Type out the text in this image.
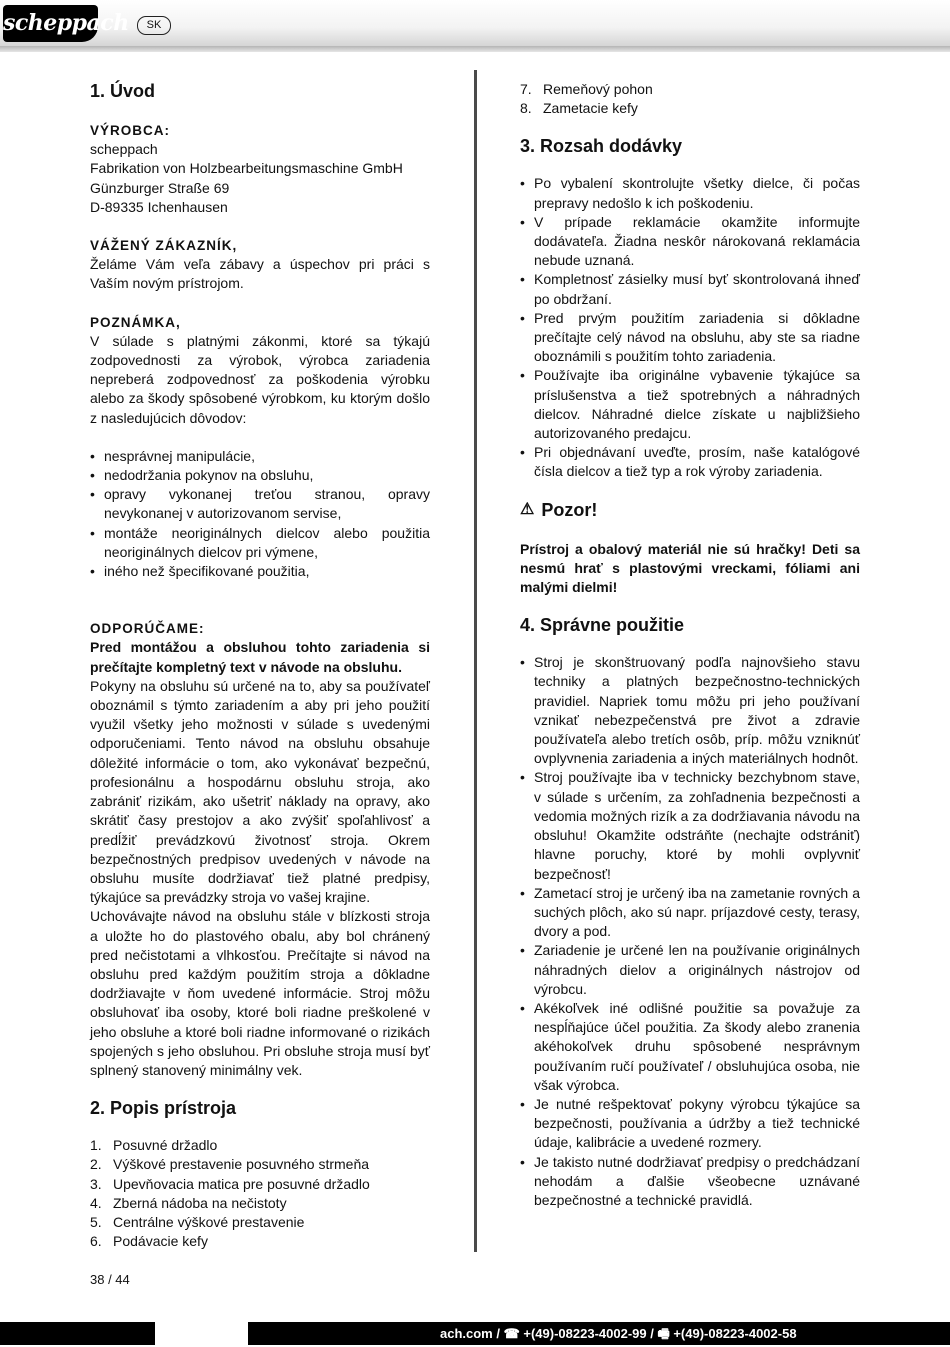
scheppach	SK
1. Úvod
VÝROBCA:
scheppach
Fabrikation von Holzbearbeitungsmaschine GmbH
Günzburger Straße 69
D-89335 Ichenhausen
VÁŽENÝ ZÁKAZNÍK,

Želáme Vám veľa zábavy a úspechov pri práci s Vaším novým prístrojom.

POZNÁMKA,

V súlade s platnými zákonmi, ktoré sa týkajú zodpovednosti za výrobok, výrobca zariadenia nepreberá zodpovednosť za poškodenia výrobku alebo za škody spôsobené výrobkom, ku ktorým došlo z nasledujúcich dôvodov:

• nesprávnej manipulácie,
• nedodržania pokynov na obsluhu,
• opravy vykonanej treťou stranou, opravy nevykonanej v autorizovanom servise,
• montáže neoriginálnych dielcov alebo použitia neoriginálnych dielcov pri výmene,
• iného než špecifikované použitia,
ODPORÚČAME:

Pred montážou a obsluhou tohto zariadenia si prečítajte kompletný text v návode na obsluhu.

Pokyny na obsluhu sú určené na to, aby sa používateľ oboznámil s týmto zariadením a aby pri jeho použití využil všetky jeho možnosti v súlade s uvedenými odporučeniami. Tento návod na obsluhu obsahuje dôležité informácie o tom, ako vykonávať bezpečnú, profesionálnu a hospodárnu obsluhu stroja, ako zabrániť rizikám, ako ušetriť náklady na opravy, ako skrátiť časy prestojov a ako zvýšiť spoľahlivosť a predĺžiť prevádzkovú životnosť stroja. Okrem bezpečnostných predpisov uvedených v návode na obsluhu musíte dodržiavať tiež platné predpisy, týkajúce sa prevádzky stroja vo vašej krajine.

Uchovávajte návod na obsluhu stále v blízkosti stroja a uložte ho do plastového obalu, aby bol chránený pred nečistotami a vlhkosťou. Prečítajte si návod na obsluhu pred každým použitím stroja a dôkladne dodržiavajte v ňom uvedené informácie. Stroj môžu obsluhovať iba osoby, ktoré boli riadne preškolené v jeho obsluhe a ktoré boli riadne informované o rizikách spojených s jeho obsluhou. Pri obsluhe stroja musí byť splnený stanovený minimálny vek.

2. Popis prístroja
1. Posuvné držadlo
2. Výškové prestavenie posuvného strmeňa
3. Upevňovacia matica pre posuvné držadlo
4. Zberná nádoba na nečistoty
5. Centrálne výškové prestavenie
6. Podávacie kefy
7. Remeňový pohon
8. Zametacie kefy
3. Rozsah dodávky
• Po vybalení skontrolujte všetky dielce, či počas prepravy nedošlo k ich poškodeniu.
• V prípade reklamácie okamžite informujte dodávateľa. Žiadna neskôr nárokovaná reklamácia nebude uznaná.
• Kompletnosť zásielky musí byť skontrolovaná ihneď po obdržaní.
• Pred prvým použitím zariadenia si dôkladne prečítajte celý návod na obsluhu, aby ste sa riadne oboznámili s použitím tohto zariadenia.
• Používajte iba originálne vybavenie týkajúce sa príslušenstva a tiež spotrebných a náhradných dielcov. Náhradné dielce získate u najbližšieho autorizovaného predajcu.
• Pri objednávaní uveďte, prosím, naše katalógové čísla dielcov a tiež typ a rok výroby zariadenia.
⚠ Pozor!

Prístroj a obalový materiál nie sú hračky! Deti sa nesmú hrať s plastovými vreckami, fóliami ani malými dielmi!

4. Správne použitie
• Stroj je skonštruovaný podľa najnovšieho stavu techniky a platných bezpečnostno-technických pravidiel. Napriek tomu môžu pri jeho používaní vznikať nebezpečenstvá pre život a zdravie používateľa alebo tretích osôb, príp. môžu vzniknúť ovplyvnenia zariadenia a iných materiálnych hodnôt.
• Stroj používajte iba v technicky bezchybnom stave, v súlade s určením, za zohľadnenia bezpečnosti a vedomia možných rizík a za dodržiavania návodu na obsluhu! Okamžite odstráňte (nechajte odstrániť) hlavne poruchy, ktoré by mohli ovplyvniť bezpečnosť!
• Zametací stroj je určený iba na zametanie rovných a suchých plôch, ako sú napr. príjazdové cesty, terasy, dvory a pod.
• Zariadenie je určené len na používanie originálnych náhradných dielov a originálnych nástrojov od výrobcu.
• Akékoľvek iné odlišné použitie sa považuje za nespĺňajúce účel použitia. Za škody alebo zranenia akéhokoľvek druhu spôsobené nesprávnym používaním ručí používateľ / obsluhujúca osoba, nie však výrobca.
• Je nutné rešpektovať pokyny výrobcu týkajúce sa bezpečnosti, používania a údržby a tiež technické údaje, kalibrácie a uvedené rozmery.
• Je takisto nutné dodržiavať predpisy o predchádzaní nehodám a ďalšie všeobecne uznávané bezpečnostné a technické pravidlá.
38 / 44
ach.com / ☎ +(49)-08223-4002-99 / 🖷 +(49)-08223-4002-58
